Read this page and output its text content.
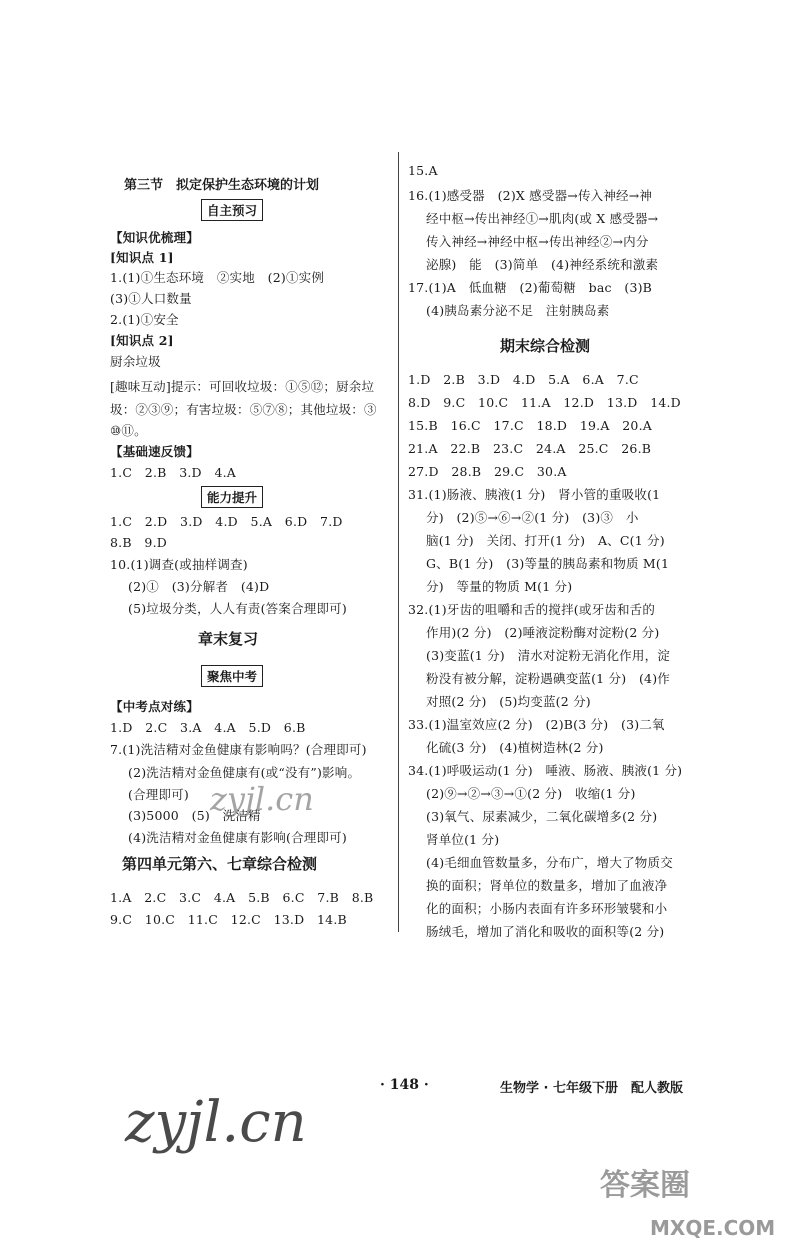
第三节　拟定保护生态环境的计划
自主预习
【知识优梳理】
[知识点 1]
1.(1)①生态环境　②实地　(2)①实例
(3)①人口数量
2.(1)①安全
[知识点 2]
厨余垃圾
[趣味互动]提示：可回收垃圾：①⑤⑫；厨余垃
圾：②③⑨；有害垃圾：⑤⑦⑧；其他垃圾：③
⑩⑪。
【基础速反馈】
1.C　2.B　3.D　4.A
能力提升
1.C　2.D　3.D　4.D　5.A　6.D　7.D
8.B　9.D
10.(1)调查(或抽样调查)
(2)①　(3)分解者　(4)D
(5)垃圾分类，人人有责(答案合理即可)
章末复习
聚焦中考
【中考点对练】
1.D　2.C　3.A　4.A　5.D　6.B
7.(1)洗洁精对金鱼健康有影响吗？(合理即可)
(2)洗洁精对金鱼健康有(或“没有”)影响。
(合理即可)
(3)5000　(5)　洗洁精
(4)洗洁精对金鱼健康有影响(合理即可)
第四单元第六、七章综合检测
1.A　2.C　3.C　4.A　5.B　6.C　7.B　8.B
9.C　10.C　11.C　12.C　13.D　14.B
15.A
16.(1)感受器　(2)X 感受器→传入神经→神
经中枢→传出神经①→肌肉(或 X 感受器→
传入神经→神经中枢→传出神经②→内分
泌腺)　能　(3)简单　(4)神经系统和激素
17.(1)A　低血糖　(2)葡萄糖　bac　(3)B
(4)胰岛素分泌不足　注射胰岛素
期末综合检测
1.D　2.B　3.D　4.D　5.A　6.A　7.C
8.D　9.C　10.C　11.A　12.D　13.D　14.D
15.B　16.C　17.C　18.D　19.A　20.A
21.A　22.B　23.C　24.A　25.C　26.B
27.D　28.B　29.C　30.A
31.(1)肠液、胰液(1 分)　肾小管的重吸收(1
分)　(2)⑤→⑥→②(1 分)　(3)③　小
脑(1 分)　关闭、打开(1 分)　A、C(1 分)
G、B(1 分)　(3)等量的胰岛素和物质 M(1
分)　等量的物质 M(1 分)
32.(1)牙齿的咀嚼和舌的搅拌(或牙齿和舌的
作用)(2 分)　(2)唾液淀粉酶对淀粉(2 分)
(3)变蓝(1 分)　清水对淀粉无消化作用，淀
粉没有被分解，淀粉遇碘变蓝(1 分)　(4)作
对照(2 分)　(5)均变蓝(2 分)
33.(1)温室效应(2 分)　(2)B(3 分)　(3)二氧
化硫(3 分)　(4)植树造林(2 分)
34.(1)呼吸运动(1 分)　唾液、肠液、胰液(1 分)
(2)⑨→②→③→①(2 分)　收缩(1 分)
(3)氧气、尿素减少，二氧化碳增多(2 分)
肾单位(1 分)
(4)毛细血管数量多，分布广，增大了物质交
换的面积；肾单位的数量多，增加了血液净
化的面积；小肠内表面有许多环形皱襞和小
肠绒毛，增加了消化和吸收的面积等(2 分)
zyjl.cn
zyjl.cn
· 148 ·	生物学 · 七年级下册　配人教版
答案圈
MXQE.COM
